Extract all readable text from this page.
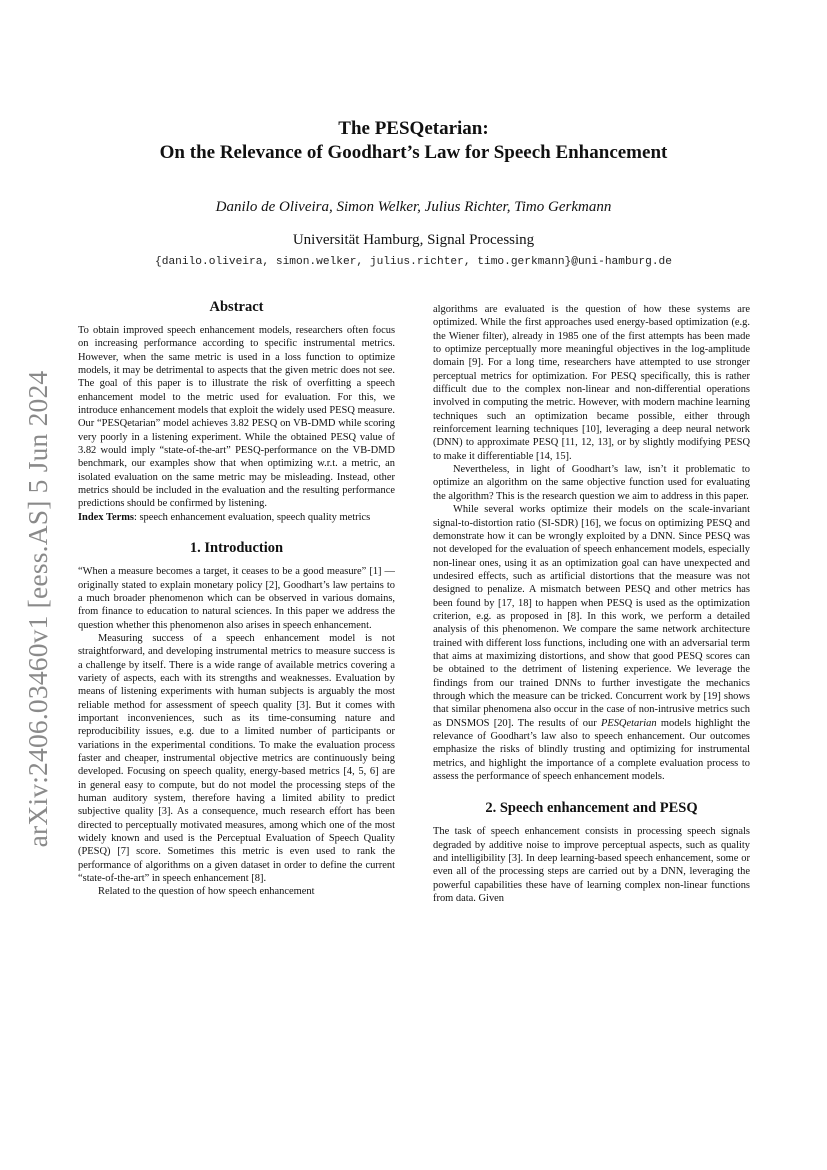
arXiv:2406.03460v1 [eess.AS] 5 Jun 2024
The PESQetarian:
On the Relevance of Goodhart’s Law for Speech Enhancement
Danilo de Oliveira, Simon Welker, Julius Richter, Timo Gerkmann
Universität Hamburg, Signal Processing
{danilo.oliveira, simon.welker, julius.richter, timo.gerkmann}@uni-hamburg.de
Abstract

To obtain improved speech enhancement models, researchers often focus on increasing performance according to specific instrumental metrics. However, when the same metric is used in a loss function to optimize models, it may be detrimental to aspects that the given metric does not see. The goal of this paper is to illustrate the risk of overfitting a speech enhancement model to the metric used for evaluation. For this, we introduce enhancement models that exploit the widely used PESQ measure. Our “PESQetarian” model achieves 3.82 PESQ on VB-DMD while scoring very poorly in a listening experiment. While the obtained PESQ value of 3.82 would imply “state-of-the-art” PESQ-performance on the VB-DMD benchmark, our examples show that when optimizing w.r.t. a metric, an isolated evaluation on the same metric may be misleading. Instead, other metrics should be included in the evaluation and the resulting performance predictions should be confirmed by listening.

Index Terms: speech enhancement evaluation, speech quality metrics

1. Introduction

“When a measure becomes a target, it ceases to be a good measure” [1] — originally stated to explain monetary policy [2], Goodhart’s law pertains to a much broader phenomenon which can be observed in various domains, from finance to education to natural sciences. In this paper we address the question whether this phenomenon also arises in speech enhancement.

Measuring success of a speech enhancement model is not straightforward, and developing instrumental metrics to measure success is a challenge by itself. There is a wide range of available metrics covering a variety of aspects, each with its strengths and weaknesses. Evaluation by means of listening experiments with human subjects is arguably the most reliable method for assessment of speech quality [3]. But it comes with important inconveniences, such as its time-consuming nature and reproducibility issues, e.g. due to a limited number of participants or variations in the experimental conditions. To make the evaluation process faster and cheaper, instrumental objective metrics are continuously being developed. Focusing on speech quality, energy-based metrics [4, 5, 6] are in general easy to compute, but do not model the processing steps of the human auditory system, therefore having a limited ability to predict subjective quality [3]. As a consequence, much research effort has been directed to perceptually motivated measures, among which one of the most widely known and used is the Perceptual Evaluation of Speech Quality (PESQ) [7] score. Sometimes this metric is even used to rank the performance of algorithms on a given dataset in order to define the current “state-of-the-art” in speech enhancement [8].

Related to the question of how speech enhancement

algorithms are evaluated is the question of how these systems are optimized. While the first approaches used energy-based optimization (e.g. the Wiener filter), already in 1985 one of the first attempts has been made to optimize perceptually more meaningful objectives in the log-amplitude domain [9]. For a long time, researchers have attempted to use stronger perceptual metrics for optimization. For PESQ specifically, this is rather difficult due to the complex non-linear and non-differential operations involved in computing the metric. However, with modern machine learning techniques such an optimization became possible, either through reinforcement learning techniques [10], leveraging a deep neural network (DNN) to approximate PESQ [11, 12, 13], or by slightly modifying PESQ to make it differentiable [14, 15].

Nevertheless, in light of Goodhart’s law, isn’t it problematic to optimize an algorithm on the same objective function used for evaluating the algorithm? This is the research question we aim to address in this paper.

While several works optimize their models on the scale-invariant signal-to-distortion ratio (SI-SDR) [16], we focus on optimizing PESQ and demonstrate how it can be wrongly exploited by a DNN. Since PESQ was not developed for the evaluation of speech enhancement models, especially non-linear ones, using it as an optimization goal can have unexpected and undesired effects, such as artificial distortions that the measure was not designed to penalize. A mismatch between PESQ and other metrics has been found by [17, 18] to happen when PESQ is used as the optimization criterion, e.g. as proposed in [8]. In this work, we perform a detailed analysis of this phenomenon. We compare the same network architecture trained with different loss functions, including one with an adversarial term that aims at maximizing distortions, and show that good PESQ scores can be obtained to the detriment of listening experience. We leverage the findings from our trained DNNs to further investigate the mechanics through which the measure can be tricked. Concurrent work by [19] shows that similar phenomena also occur in the case of non-intrusive metrics such as DNSMOS [20]. The results of our PESQetarian models highlight the relevance of Goodhart’s law also to speech enhancement. Our outcomes emphasize the risks of blindly trusting and optimizing for instrumental metrics, and highlight the importance of a complete evaluation process to assess the performance of speech enhancement models.

2. Speech enhancement and PESQ

The task of speech enhancement consists in processing speech signals degraded by additive noise to improve perceptual aspects, such as quality and intelligibility [3]. In deep learning-based speech enhancement, some or even all of the processing steps are carried out by a DNN, leveraging the powerful capabilities these have of learning complex non-linear functions from data. Given
